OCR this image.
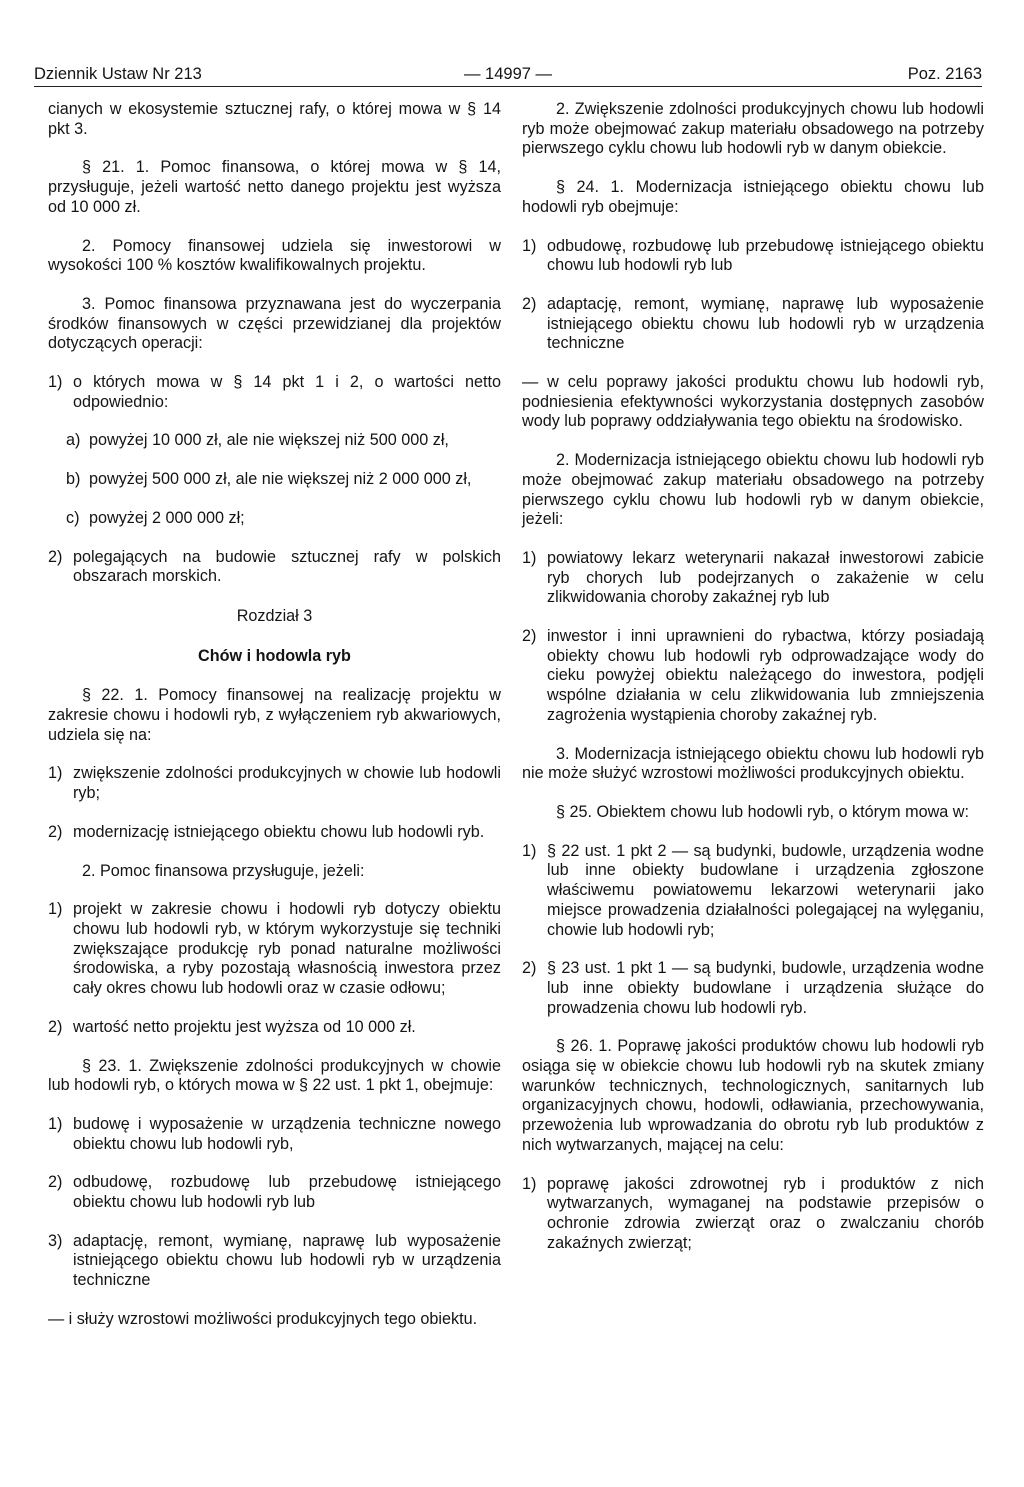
Dziennik Ustaw Nr 213	— 14997 —	Poz. 2163

cianych w ekosystemie sztucznej rafy, o której mowa w § 14 pkt 3.

§ 21. 1. Pomoc finansowa, o której mowa w § 14, przysługuje, jeżeli wartość netto danego projektu jest wyższa od 10 000 zł.

2. Pomocy finansowej udziela się inwestorowi w wysokości 100 % kosztów kwalifikowalnych projektu.

3. Pomoc finansowa przyznawana jest do wyczerpania środków finansowych w części przewidzianej dla projektów dotyczących operacji:

1) o których mowa w § 14 pkt 1 i 2, o wartości netto odpowiednio:
a) powyżej 10 000 zł, ale nie większej niż 500 000 zł,
b) powyżej 500 000 zł, ale nie większej niż 2 000 000 zł,
c) powyżej 2 000 000 zł;
2) polegających na budowie sztucznej rafy w polskich obszarach morskich.

Rozdział 3

Chów i hodowla ryb

§ 22. 1. Pomocy finansowej na realizację projektu w zakresie chowu i hodowli ryb, z wyłączeniem ryb akwariowych, udziela się na:

1) zwiększenie zdolności produkcyjnych w chowie lub hodowli ryb;
2) modernizację istniejącego obiektu chowu lub hodowli ryb.

2. Pomoc finansowa przysługuje, jeżeli:

1) projekt w zakresie chowu i hodowli ryb dotyczy obiektu chowu lub hodowli ryb, w którym wykorzystuje się techniki zwiększające produkcję ryb ponad naturalne możliwości środowiska, a ryby pozostają własnością inwestora przez cały okres chowu lub hodowli oraz w czasie odłowu;
2) wartość netto projektu jest wyższa od 10 000 zł.

§ 23. 1. Zwiększenie zdolności produkcyjnych w chowie lub hodowli ryb, o których mowa w § 22 ust. 1 pkt 1, obejmuje:

1) budowę i wyposażenie w urządzenia techniczne nowego obiektu chowu lub hodowli ryb,
2) odbudowę, rozbudowę lub przebudowę istniejącego obiektu chowu lub hodowli ryb lub
3) adaptację, remont, wymianę, naprawę lub wyposażenie istniejącego obiektu chowu lub hodowli ryb w urządzenia techniczne

— i służy wzrostowi możliwości produkcyjnych tego obiektu.

2. Zwiększenie zdolności produkcyjnych chowu lub hodowli ryb może obejmować zakup materiału obsadowego na potrzeby pierwszego cyklu chowu lub hodowli ryb w danym obiekcie.

§ 24. 1. Modernizacja istniejącego obiektu chowu lub hodowli ryb obejmuje:

1) odbudowę, rozbudowę lub przebudowę istniejącego obiektu chowu lub hodowli ryb lub
2) adaptację, remont, wymianę, naprawę lub wyposażenie istniejącego obiektu chowu lub hodowli ryb w urządzenia techniczne

— w celu poprawy jakości produktu chowu lub hodowli ryb, podniesienia efektywności wykorzystania dostępnych zasobów wody lub poprawy oddziaływania tego obiektu na środowisko.

2. Modernizacja istniejącego obiektu chowu lub hodowli ryb może obejmować zakup materiału obsadowego na potrzeby pierwszego cyklu chowu lub hodowli ryb w danym obiekcie, jeżeli:

1) powiatowy lekarz weterynarii nakazał inwestorowi zabicie ryb chorych lub podejrzanych o zakażenie w celu zlikwidowania choroby zakaźnej ryb lub
2) inwestor i inni uprawnieni do rybactwa, którzy posiadają obiekty chowu lub hodowli ryb odprowadzające wody do cieku powyżej obiektu należącego do inwestora, podjęli wspólne działania w celu zlikwidowania lub zmniejszenia zagrożenia wystąpienia choroby zakaźnej ryb.

3. Modernizacja istniejącego obiektu chowu lub hodowli ryb nie może służyć wzrostowi możliwości produkcyjnych obiektu.

§ 25. Obiektem chowu lub hodowli ryb, o którym mowa w:

1) § 22 ust. 1 pkt 2 — są budynki, budowle, urządzenia wodne lub inne obiekty budowlane i urządzenia zgłoszone właściwemu powiatowemu lekarzowi weterynarii jako miejsce prowadzenia działalności polegającej na wylęganiu, chowie lub hodowli ryb;
2) § 23 ust. 1 pkt 1 — są budynki, budowle, urządzenia wodne lub inne obiekty budowlane i urządzenia służące do prowadzenia chowu lub hodowli ryb.

§ 26. 1. Poprawę jakości produktów chowu lub hodowli ryb osiąga się w obiekcie chowu lub hodowli ryb na skutek zmiany warunków technicznych, technologicznych, sanitarnych lub organizacyjnych chowu, hodowli, odławiania, przechowywania, przewożenia lub wprowadzania do obrotu ryb lub produktów z nich wytwarzanych, mającej na celu:

1) poprawę jakości zdrowotnej ryb i produktów z nich wytwarzanych, wymaganej na podstawie przepisów o ochronie zdrowia zwierząt oraz o zwalczaniu chorób zakaźnych zwierząt;
